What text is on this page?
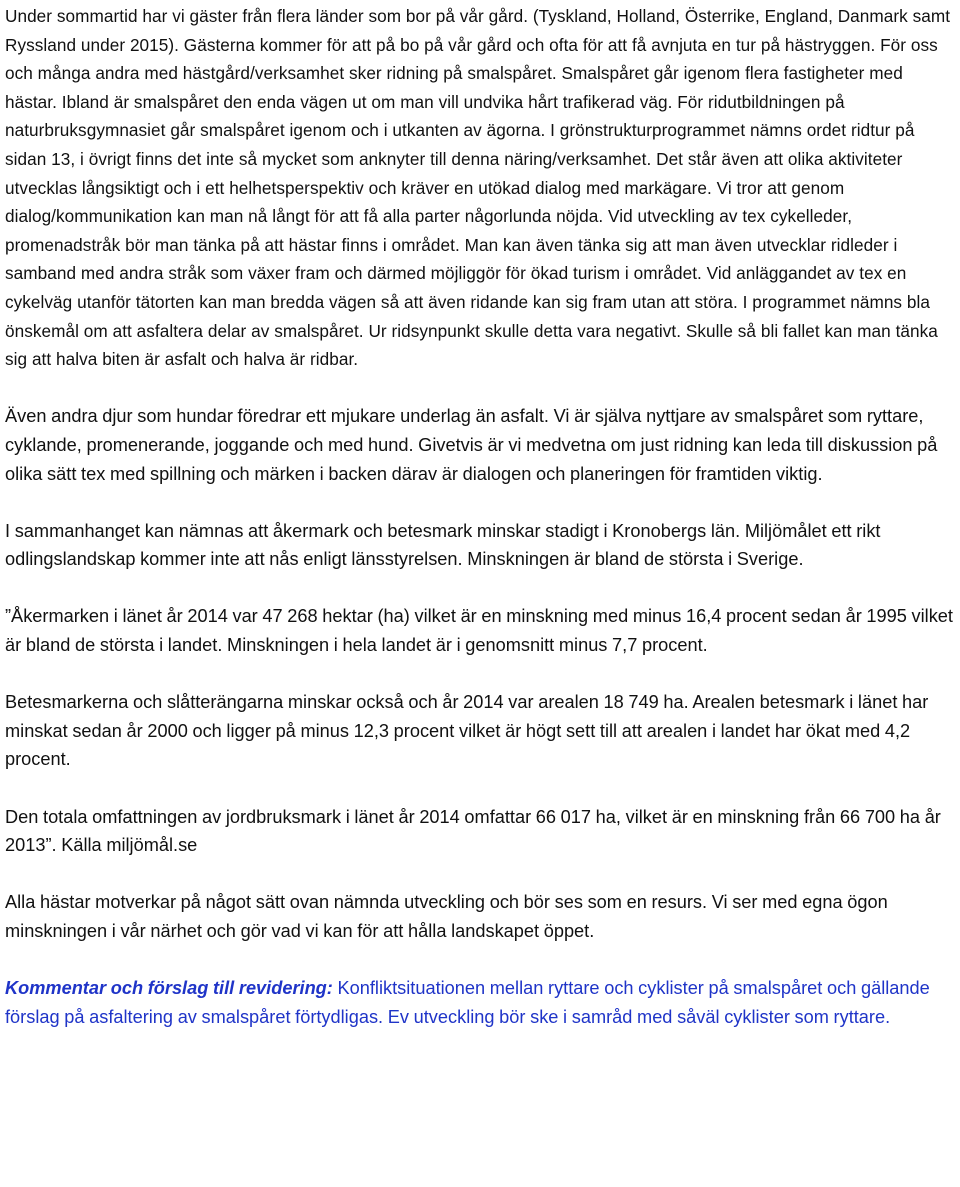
Under sommartid har vi gäster från flera länder som bor på vår gård. (Tyskland, Holland, Österrike, England, Danmark samt Ryssland under 2015). Gästerna kommer för att på bo på vår gård och ofta för att få avnjuta en tur på hästryggen. För oss och många andra med hästgård/verksamhet sker ridning på smalspåret. Smalspåret går igenom flera fastigheter med hästar. Ibland är smalspåret den enda vägen ut om man vill undvika hårt trafikerad väg. För ridutbildningen på naturbruksgymnasiet går smalspåret igenom och i utkanten av ägorna. I grönstrukturprogrammet nämns ordet ridtur på sidan 13, i övrigt finns det inte så mycket som anknyter till denna näring/verksamhet. Det står även att olika aktiviteter utvecklas långsiktigt och i ett helhetsperspektiv och kräver en utökad dialog med markägare. Vi tror att genom dialog/kommunikation kan man nå långt för att få alla parter någorlunda nöjda. Vid utveckling av tex cykelleder, promenadstråk bör man tänka på att hästar finns i området. Man kan även tänka sig att man även utvecklar ridleder i samband med andra stråk som växer fram och därmed möjliggör för ökad turism i området. Vid anläggandet av tex en cykelväg utanför tätorten kan man bredda vägen så att även ridande kan sig fram utan att störa. I programmet nämns bla önskemål om att asfaltera delar av smalspåret. Ur ridsynpunkt skulle detta vara negativt. Skulle så bli fallet kan man tänka sig att halva biten är asfalt och halva är ridbar.

Även andra djur som hundar föredrar ett mjukare underlag än asfalt. Vi är själva nyttjare av smalspåret som ryttare, cyklande, promenerande, joggande och med hund. Givetvis är vi medvetna om just ridning kan leda till diskussion på olika sätt tex med spillning och märken i backen därav är dialogen och planeringen för framtiden viktig.

I sammanhanget kan nämnas att åkermark och betesmark minskar stadigt i Kronobergs län. Miljömålet ett rikt odlingslandskap kommer inte att nås enligt länsstyrelsen. Minskningen är bland de största i Sverige.

”Åkermarken i länet år 2014 var 47 268 hektar (ha) vilket är en minskning med minus 16,4 procent sedan år 1995 vilket är bland de största i landet. Minskningen i hela landet är i genomsnitt minus 7,7 procent.

Betesmarkerna och slåtterängarna minskar också och år 2014 var arealen 18 749 ha. Arealen betesmark i länet har minskat sedan år 2000 och ligger på minus 12,3 procent vilket är högt sett till att arealen i landet har ökat med 4,2 procent.

Den totala omfattningen av jordbruksmark i länet år 2014 omfattar 66 017 ha, vilket är en minskning från 66 700 ha år 2013”. Källa miljömål.se

Alla hästar motverkar på något sätt ovan nämnda utveckling och bör ses som en resurs. Vi ser med egna ögon minskningen i vår närhet och gör vad vi kan för att hålla landskapet öppet.

Kommentar och förslag till revidering: Konfliktsituationen mellan ryttare och cyklister på smalspåret och gällande förslag på asfaltering av smalspåret förtydligas. Ev utveckling bör ske i samråd med såväl cyklister som ryttare.
